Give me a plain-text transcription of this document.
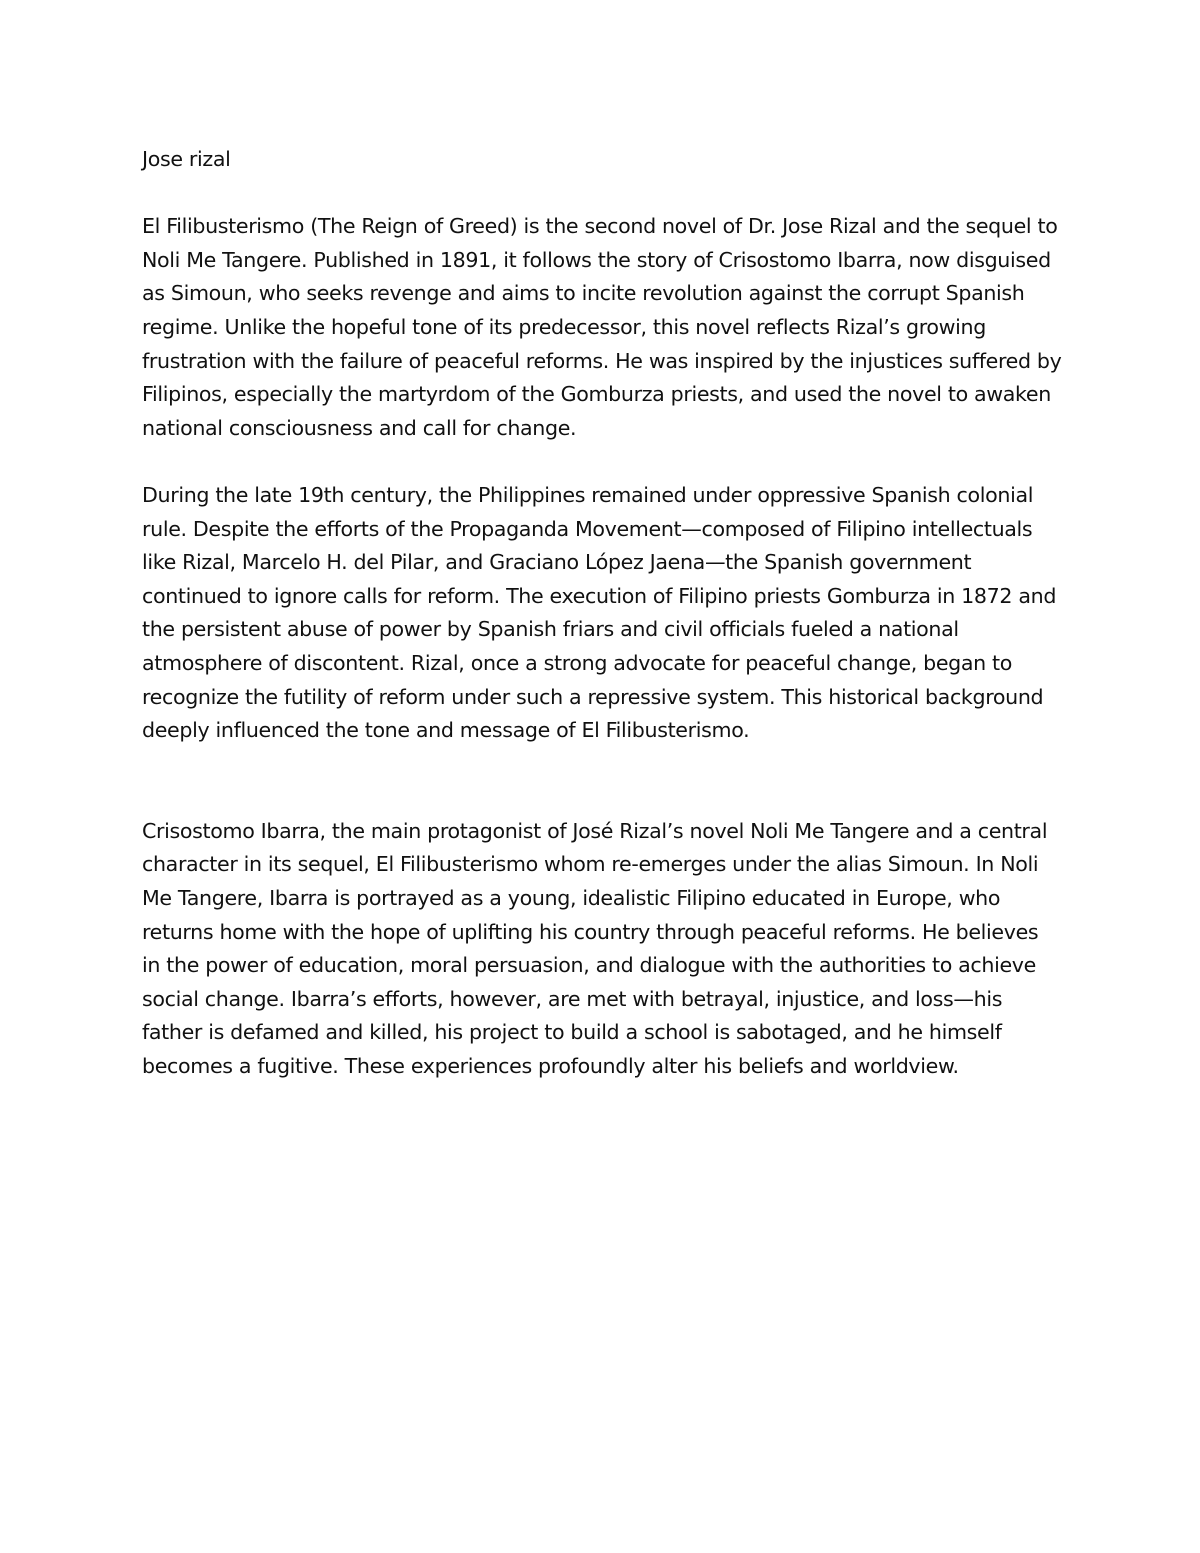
Jose rizal

El Filibusterismo (The Reign of Greed) is the second novel of Dr. Jose Rizal and the sequel to Noli Me Tangere. Published in 1891, it follows the story of Crisostomo Ibarra, now disguised as Simoun, who seeks revenge and aims to incite revolution against the corrupt Spanish regime. Unlike the hopeful tone of its predecessor, this novel reflects Rizal’s growing frustration with the failure of peaceful reforms. He was inspired by the injustices suffered by Filipinos, especially the martyrdom of the Gomburza priests, and used the novel to awaken national consciousness and call for change.

During the late 19th century, the Philippines remained under oppressive Spanish colonial rule. Despite the efforts of the Propaganda Movement—composed of Filipino intellectuals like Rizal, Marcelo H. del Pilar, and Graciano López Jaena—the Spanish government continued to ignore calls for reform. The execution of Filipino priests Gomburza in 1872 and the persistent abuse of power by Spanish friars and civil officials fueled a national atmosphere of discontent. Rizal, once a strong advocate for peaceful change, began to recognize the futility of reform under such a repressive system. This historical background deeply influenced the tone and message of El Filibusterismo.

Crisostomo Ibarra, the main protagonist of José Rizal’s novel Noli Me Tangere and a central character in its sequel, El Filibusterismo whom re-emerges under the alias Simoun. In Noli Me Tangere, Ibarra is portrayed as a young, idealistic Filipino educated in Europe, who returns home with the hope of uplifting his country through peaceful reforms. He believes in the power of education, moral persuasion, and dialogue with the authorities to achieve social change. Ibarra’s efforts, however, are met with betrayal, injustice, and loss—his father is defamed and killed, his project to build a school is sabotaged, and he himself becomes a fugitive. These experiences profoundly alter his beliefs and worldview.
